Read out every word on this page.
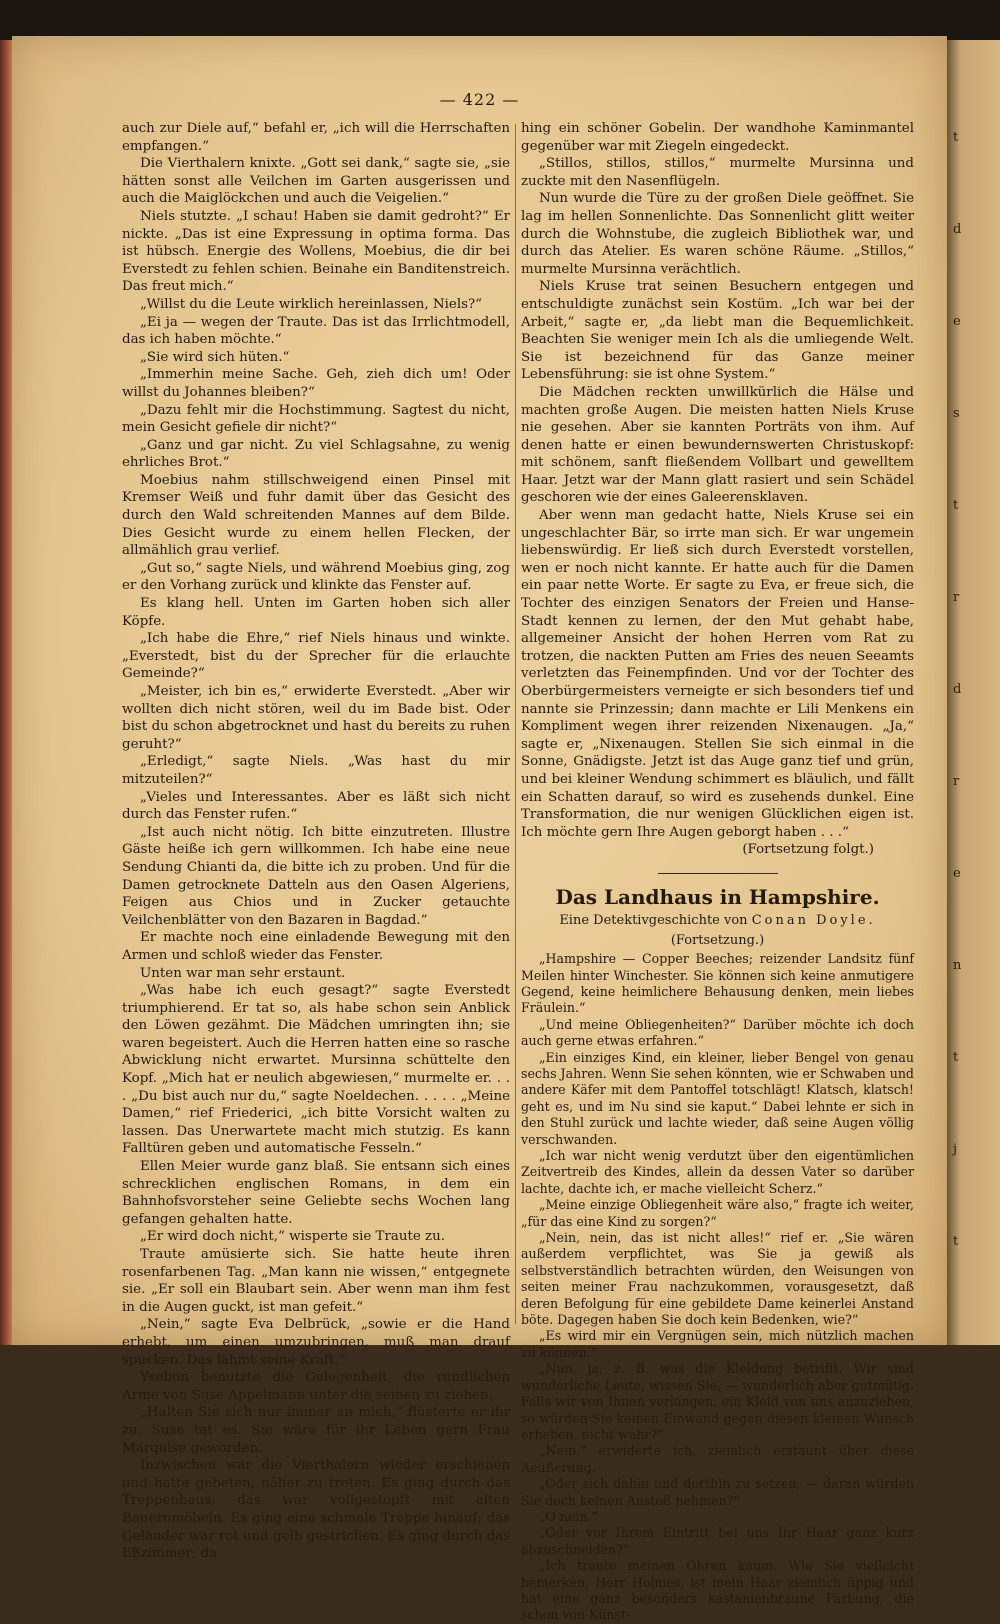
— 422 —

auch zur Diele auf,“ befahl er, „ich will die Herrschaften empfangen.“

Die Vierthalern knixte. „Gott sei dank,“ sagte sie, „sie hätten sonst alle Veilchen im Garten ausgerissen und auch die Maiglöckchen und auch die Veigelien.“

Niels stutzte. „I schau! Haben sie damit gedroht?“ Er nickte. „Das ist eine Expressung in optima forma. Das ist hübsch. Energie des Wollens, Moebius, die dir bei Everstedt zu fehlen schien. Beinahe ein Banditenstreich. Das freut mich.“

„Willst du die Leute wirklich hereinlassen, Niels?“

„Ei ja — wegen der Traute. Das ist das Irrlichtmodell, das ich haben möchte.“

„Sie wird sich hüten.“

„Immerhin meine Sache. Geh, zieh dich um! Oder willst du Johannes bleiben?“

„Dazu fehlt mir die Hochstimmung. Sagtest du nicht, mein Gesicht gefiele dir nicht?“

„Ganz und gar nicht. Zu viel Schlagsahne, zu wenig ehrliches Brot.“

Moebius nahm stillschweigend einen Pinsel mit Kremser Weiß und fuhr damit über das Gesicht des durch den Wald schreitenden Mannes auf dem Bilde. Dies Gesicht wurde zu einem hellen Flecken, der allmählich grau verlief.

„Gut so,“ sagte Niels, und während Moebius ging, zog er den Vorhang zurück und klinkte das Fenster auf.

Es klang hell. Unten im Garten hoben sich aller Köpfe.

„Ich habe die Ehre,“ rief Niels hinaus und winkte. „Everstedt, bist du der Sprecher für die erlauchte Gemeinde?“

„Meister, ich bin es,“ erwiderte Everstedt. „Aber wir wollten dich nicht stören, weil du im Bade bist. Oder bist du schon abgetrocknet und hast du bereits zu ruhen geruht?“

„Erledigt,“ sagte Niels. „Was hast du mir mitzuteilen?“

„Vieles und Interessantes. Aber es läßt sich nicht durch das Fenster rufen.“

„Ist auch nicht nötig. Ich bitte einzutreten. Illustre Gäste heiße ich gern willkommen. Ich habe eine neue Sendung Chianti da, die bitte ich zu proben. Und für die Damen getrocknete Datteln aus den Oasen Algeriens, Feigen aus Chios und in Zucker getauchte Veilchenblätter von den Bazaren in Bagdad.“

Er machte noch eine einladende Bewegung mit den Armen und schloß wieder das Fenster.

Unten war man sehr erstaunt.

„Was habe ich euch gesagt?“ sagte Everstedt triumphierend. Er tat so, als habe schon sein Anblick den Löwen gezähmt. Die Mädchen umringten ihn; sie waren begeistert. Auch die Herren hatten eine so rasche Abwicklung nicht erwartet. Mursinna schüttelte den Kopf. „Mich hat er neulich abgewiesen,“ murmelte er. . . . „Du bist auch nur du,“ sagte Noeldechen. . . . . „Meine Damen,“ rief Friederici, „ich bitte Vorsicht walten zu lassen. Das Unerwartete macht mich stutzig. Es kann Falltüren geben und automatische Fesseln.“

Ellen Meier wurde ganz blaß. Sie entsann sich eines schrecklichen englischen Romans, in dem ein Bahnhofsvorsteher seine Geliebte sechs Wochen lang gefangen gehalten hatte.

„Er wird doch nicht,“ wisperte sie Traute zu.

Traute amüsierte sich. Sie hatte heute ihren rosenfarbenen Tag. „Man kann nie wissen,“ entgegnete sie. „Er soll ein Blaubart sein. Aber wenn man ihm fest in die Augen guckt, ist man gefeit.“

„Nein,“ sagte Eva Delbrück, „sowie er die Hand erhebt, um einen umzubringen, muß man drauf spucken. Das lähmt seine Kraft.“

Ysebon benutzte die Gelegenheit, die rundlichen Arme von Suse Appelmann unter die seinen zu ziehen.

„Halten Sie sich nur immer an mich,“ flüsterte er ihr zu. Suse tat es. Sie wäre für ihr Leben gern Frau Marquise geworden.

Inzwischen war die Vierthalern wieder erschienen und hatte gebeten, näher zu treten. Es ging durch das Treppenhaus; das war vollgestopft mit alten Bauernmöbeln. Es ging eine schmale Treppe hinauf; das Geländer war rot und gelb gestrichen. Es ging durch das Eßzimmer; da

hing ein schöner Gobelin. Der wandhohe Kaminmantel gegenüber war mit Ziegeln eingedeckt.

„Stillos, stillos, stillos,“ murmelte Mursinna und zuckte mit den Nasenflügeln.

Nun wurde die Türe zu der großen Diele geöffnet. Sie lag im hellen Sonnenlichte. Das Sonnenlicht glitt weiter durch die Wohnstube, die zugleich Bibliothek war, und durch das Atelier. Es waren schöne Räume. „Stillos,“ murmelte Mursinna verächtlich.

Niels Kruse trat seinen Besuchern entgegen und entschuldigte zunächst sein Kostüm. „Ich war bei der Arbeit,“ sagte er, „da liebt man die Bequemlichkeit. Beachten Sie weniger mein Ich als die umliegende Welt. Sie ist bezeichnend für das Ganze meiner Lebensführung: sie ist ohne System.“

Die Mädchen reckten unwillkürlich die Hälse und machten große Augen. Die meisten hatten Niels Kruse nie gesehen. Aber sie kannten Porträts von ihm. Auf denen hatte er einen bewundernswerten Christuskopf: mit schönem, sanft fließendem Vollbart und gewelltem Haar. Jetzt war der Mann glatt rasiert und sein Schädel geschoren wie der eines Galeerensklaven.

Aber wenn man gedacht hatte, Niels Kruse sei ein ungeschlachter Bär, so irrte man sich. Er war ungemein liebenswürdig. Er ließ sich durch Everstedt vorstellen, wen er noch nicht kannte. Er hatte auch für die Damen ein paar nette Worte. Er sagte zu Eva, er freue sich, die Tochter des einzigen Senators der Freien und Hanse-Stadt kennen zu lernen, der den Mut gehabt habe, allgemeiner Ansicht der hohen Herren vom Rat zu trotzen, die nackten Putten am Fries des neuen Seeamts verletzten das Feinempfinden. Und vor der Tochter des Oberbürgermeisters verneigte er sich besonders tief und nannte sie Prinzessin; dann machte er Lili Menkens ein Kompliment wegen ihrer reizenden Nixenaugen. „Ja,“ sagte er, „Nixenaugen. Stellen Sie sich einmal in die Sonne, Gnädigste. Jetzt ist das Auge ganz tief und grün, und bei kleiner Wendung schimmert es bläulich, und fällt ein Schatten darauf, so wird es zusehends dunkel. Eine Transformation, die nur wenigen Glücklichen eigen ist. Ich möchte gern Ihre Augen geborgt haben . . .“

(Fortsetzung folgt.)

Das Landhaus in Hampshire.
Eine Detektivgeschichte von Conan Doyle.
(Fortsetzung.)

„Hampshire — Copper Beeches; reizender Landsitz fünf Meilen hinter Winchester. Sie können sich keine anmutigere Gegend, keine heimlichere Behausung denken, mein liebes Fräulein.“

„Und meine Obliegenheiten?“ Darüber möchte ich doch auch gerne etwas erfahren.“

„Ein einziges Kind, ein kleiner, lieber Bengel von genau sechs Jahren. Wenn Sie sehen könnten, wie er Schwaben und andere Käfer mit dem Pantoffel totschlägt! Klatsch, klatsch! geht es, und im Nu sind sie kaput.“ Dabei lehnte er sich in den Stuhl zurück und lachte wieder, daß seine Augen völlig verschwanden.

„Ich war nicht wenig verdutzt über den eigentümlichen Zeitvertreib des Kindes, allein da dessen Vater so darüber lachte, dachte ich, er mache vielleicht Scherz.“

„Meine einzige Obliegenheit wäre also,“ fragte ich weiter, „für das eine Kind zu sorgen?“

„Nein, nein, das ist nicht alles!“ rief er. „Sie wären außerdem verpflichtet, was Sie ja gewiß als selbstverständlich betrachten würden, den Weisungen von seiten meiner Frau nachzukommen, vorausgesetzt, daß deren Befolgung für eine gebildete Dame keinerlei Anstand böte. Dagegen haben Sie doch kein Bedenken, wie?“

„Es wird mir ein Vergnügen sein, mich nützlich machen zu können.“

„Nun, ja, z. B. was die Kleidung betrifft. Wir sind wunderliche Leute, wissen Sie, — wunderlich aber gutmütig. Falls wir von Ihnen verlangen, ein Kleid von uns anzuziehen, so würden Sie keinen Einwand gegen diesen kleinen Wunsch erheben, nicht wahr?“

„Nein,“ erwiderte ich, ziemlich erstaunt über diese Aeußerung.

„Oder sich dahin und dorthin zu setzen, — daran würden Sie doch keinen Anstoß nehmen?“

„O nein.“

„Oder vor Ihrem Eintritt bei uns Ihr Haar ganz kurz abzuschneiden?“

„Ich traute meinen Ohren kaum. Wie Sie vielleicht bemerken, Herr Holmes, ist mein Haar ziemlich üppig und hat eine ganz besonders kastanienbraune Färbung, die schon von Künst-

t
d
e
s
t
r
d
r
e
n
t
j
t
